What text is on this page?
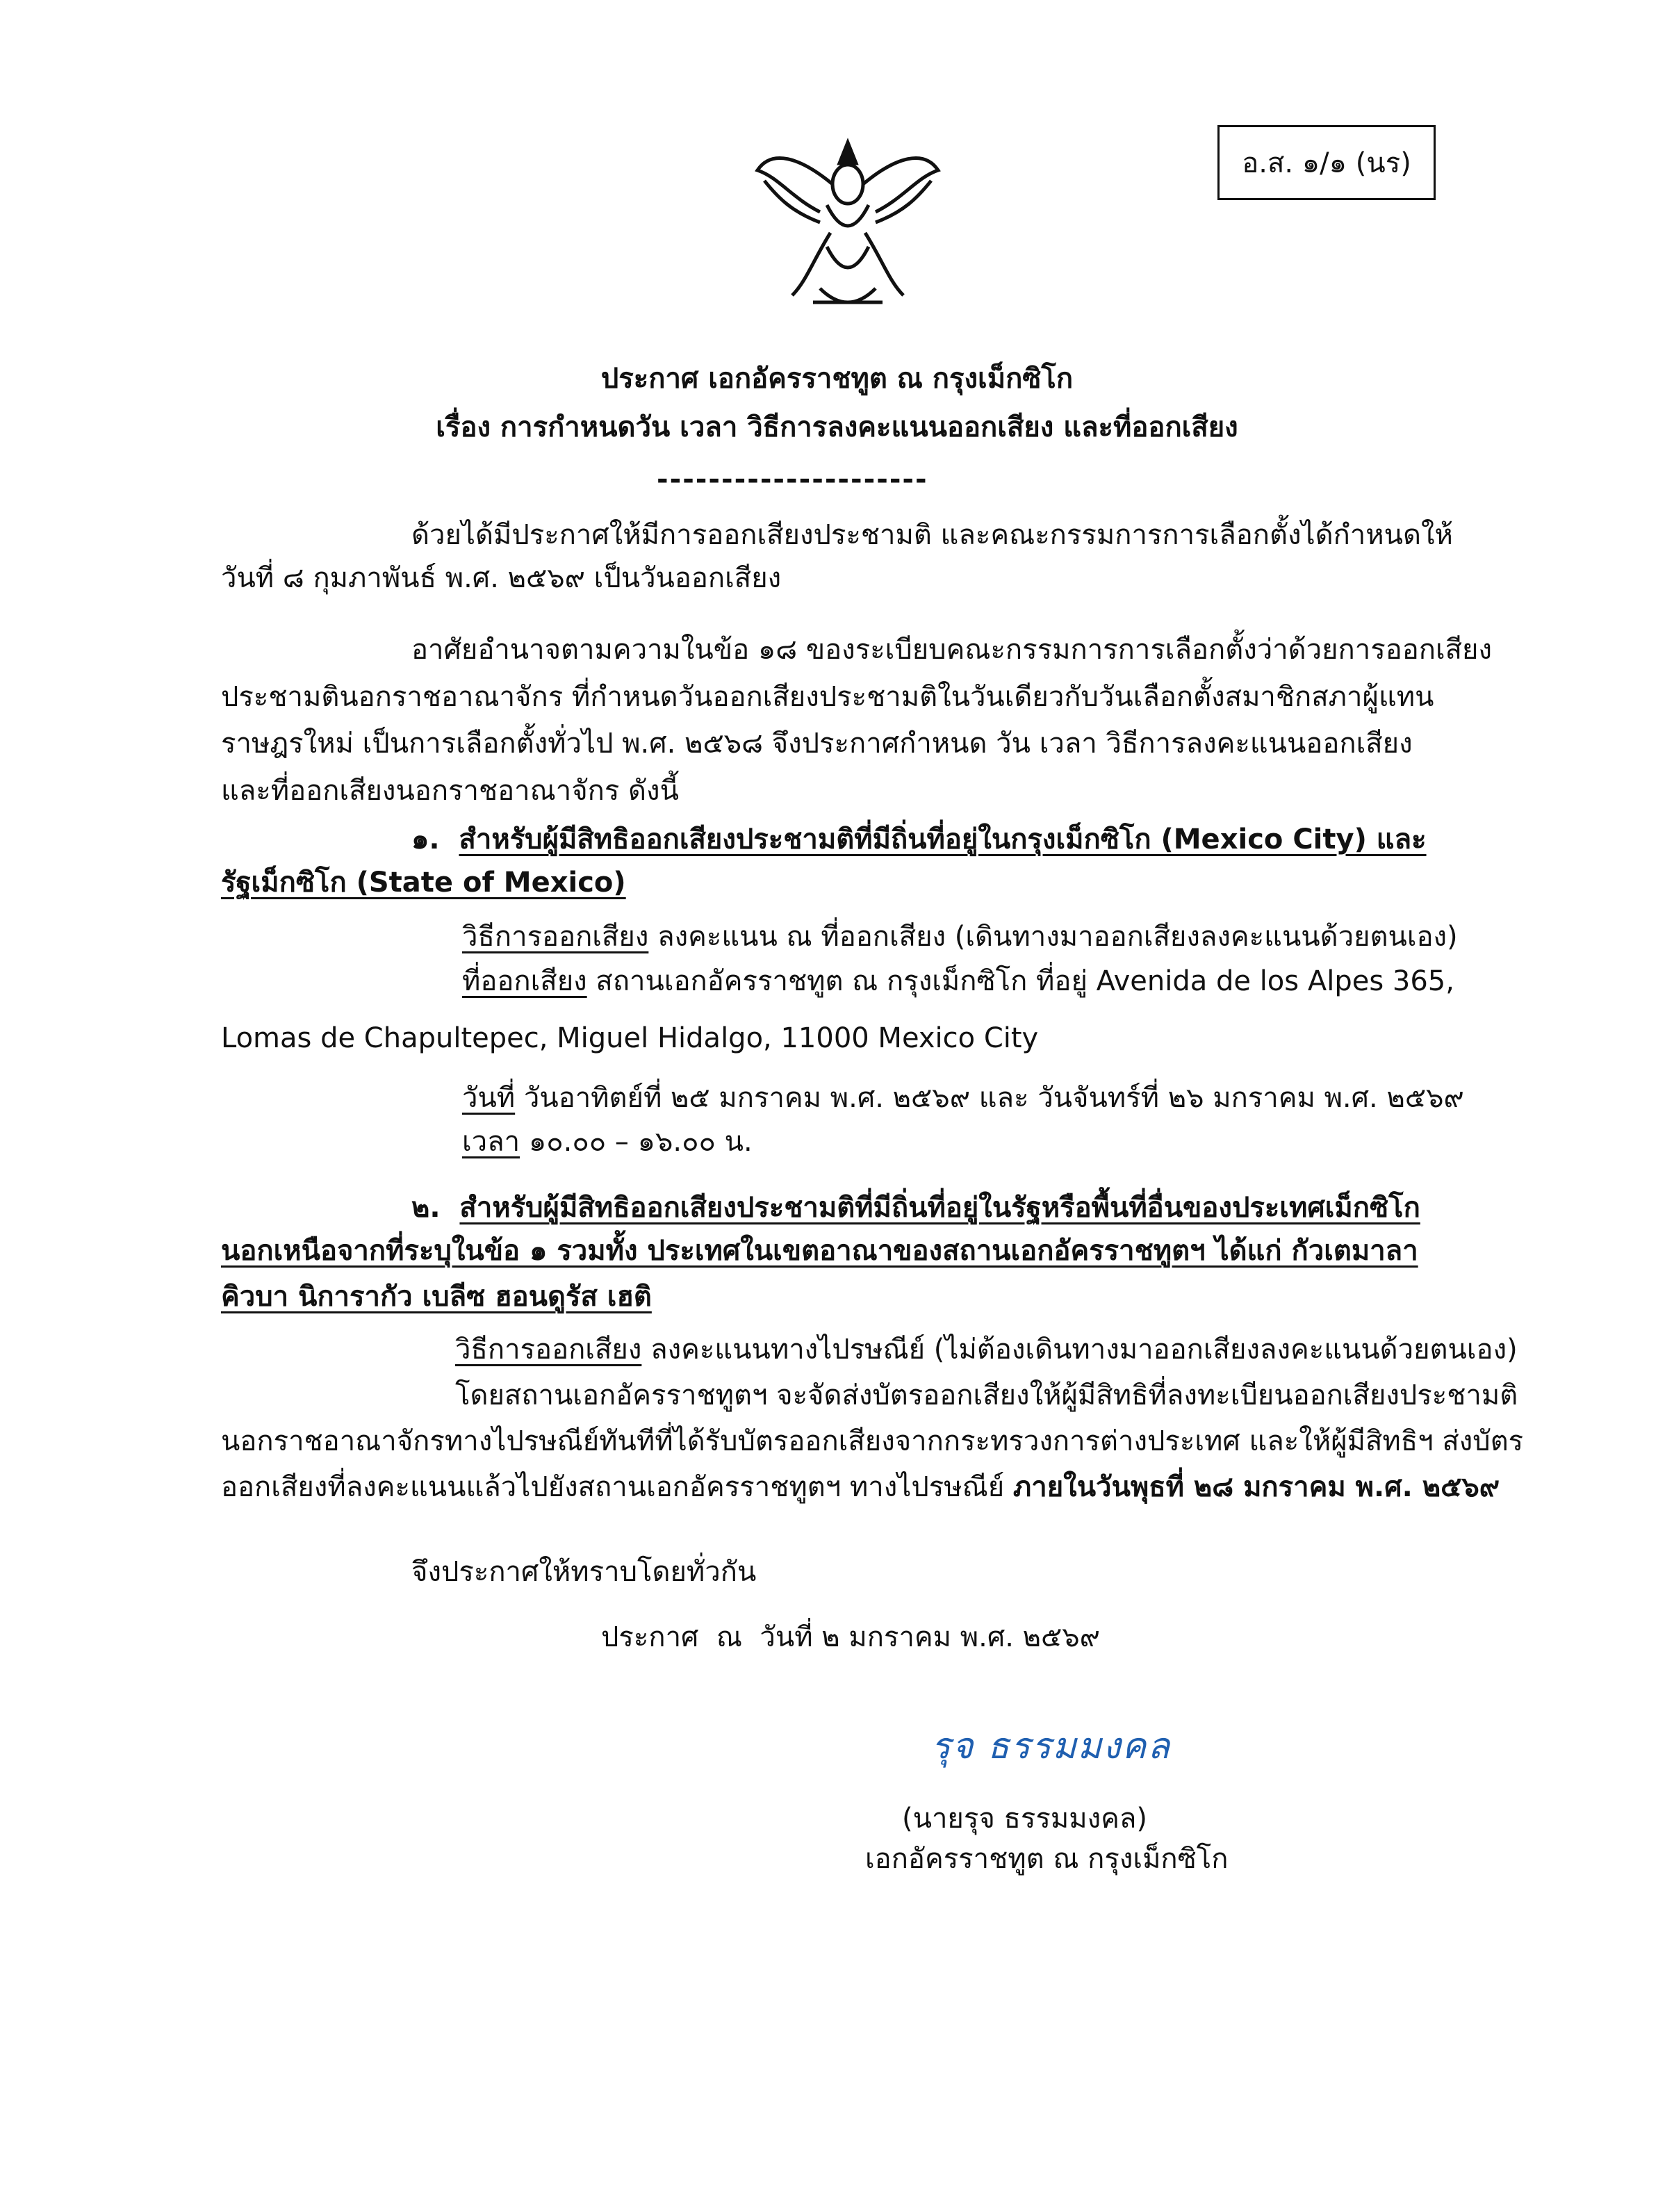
อ.ส. ๑/๑ (นร)
ประกาศ เอกอัครราชทูต ณ กรุงเม็กซิโก
เรื่อง การกำหนดวัน เวลา วิธีการลงคะแนนออกเสียง และที่ออกเสียง
---------------------
ด้วยได้มีประกาศให้มีการออกเสียงประชามติ และคณะกรรมการการเลือกตั้งได้กำหนดให้
วันที่ ๘ กุมภาพันธ์ พ.ศ. ๒๕๖๙ เป็นวันออกเสียง
อาศัยอำนาจตามความในข้อ ๑๘ ของระเบียบคณะกรรมการการเลือกตั้งว่าด้วยการออกเสียง
ประชามตินอกราชอาณาจักร ที่กำหนดวันออกเสียงประชามติในวันเดียวกับวันเลือกตั้งสมาชิกสภาผู้แทน
ราษฎรใหม่ เป็นการเลือกตั้งทั่วไป พ.ศ. ๒๕๖๘ จึงประกาศกำหนด วัน เวลา วิธีการลงคะแนนออกเสียง
และที่ออกเสียงนอกราชอาณาจักร ดังนี้
๑. สำหรับผู้มีสิทธิออกเสียงประชามติที่มีถิ่นที่อยู่ในกรุงเม็กซิโก (Mexico City) และ
รัฐเม็กซิโก (State of Mexico)
วิธีการออกเสียง ลงคะแนน ณ ที่ออกเสียง (เดินทางมาออกเสียงลงคะแนนด้วยตนเอง)
ที่ออกเสียง สถานเอกอัครราชทูต ณ กรุงเม็กซิโก ที่อยู่ Avenida de los Alpes 365,
Lomas de Chapultepec, Miguel Hidalgo, 11000 Mexico City
วันที่ วันอาทิตย์ที่ ๒๕ มกราคม พ.ศ. ๒๕๖๙ และ วันจันทร์ที่ ๒๖ มกราคม พ.ศ. ๒๕๖๙
เวลา ๑๐.๐๐ – ๑๖.๐๐ น.
๒. สำหรับผู้มีสิทธิออกเสียงประชามติที่มีถิ่นที่อยู่ในรัฐหรือพื้นที่อื่นของประเทศเม็กซิโก
นอกเหนือจากที่ระบุในข้อ ๑ รวมทั้ง ประเทศในเขตอาณาของสถานเอกอัครราชทูตฯ ได้แก่ กัวเตมาลา
คิวบา นิการากัว เบลีซ ฮอนดูรัส เฮติ
วิธีการออกเสียง ลงคะแนนทางไปรษณีย์ (ไม่ต้องเดินทางมาออกเสียงลงคะแนนด้วยตนเอง)
โดยสถานเอกอัครราชทูตฯ จะจัดส่งบัตรออกเสียงให้ผู้มีสิทธิที่ลงทะเบียนออกเสียงประชามติ
นอกราชอาณาจักรทางไปรษณีย์ทันทีที่ได้รับบัตรออกเสียงจากกระทรวงการต่างประเทศ และให้ผู้มีสิทธิฯ ส่งบัตร
ออกเสียงที่ลงคะแนนแล้วไปยังสถานเอกอัครราชทูตฯ ทางไปรษณีย์ ภายในวันพุธที่ ๒๘ มกราคม พ.ศ. ๒๕๖๙
จึงประกาศให้ทราบโดยทั่วกัน
ประกาศ  ณ  วันที่ ๒ มกราคม พ.ศ. ๒๕๖๙
รุจ ธรรมมงคล
(นายรุจ ธรรมมงคล)
เอกอัครราชทูต ณ กรุงเม็กซิโก
